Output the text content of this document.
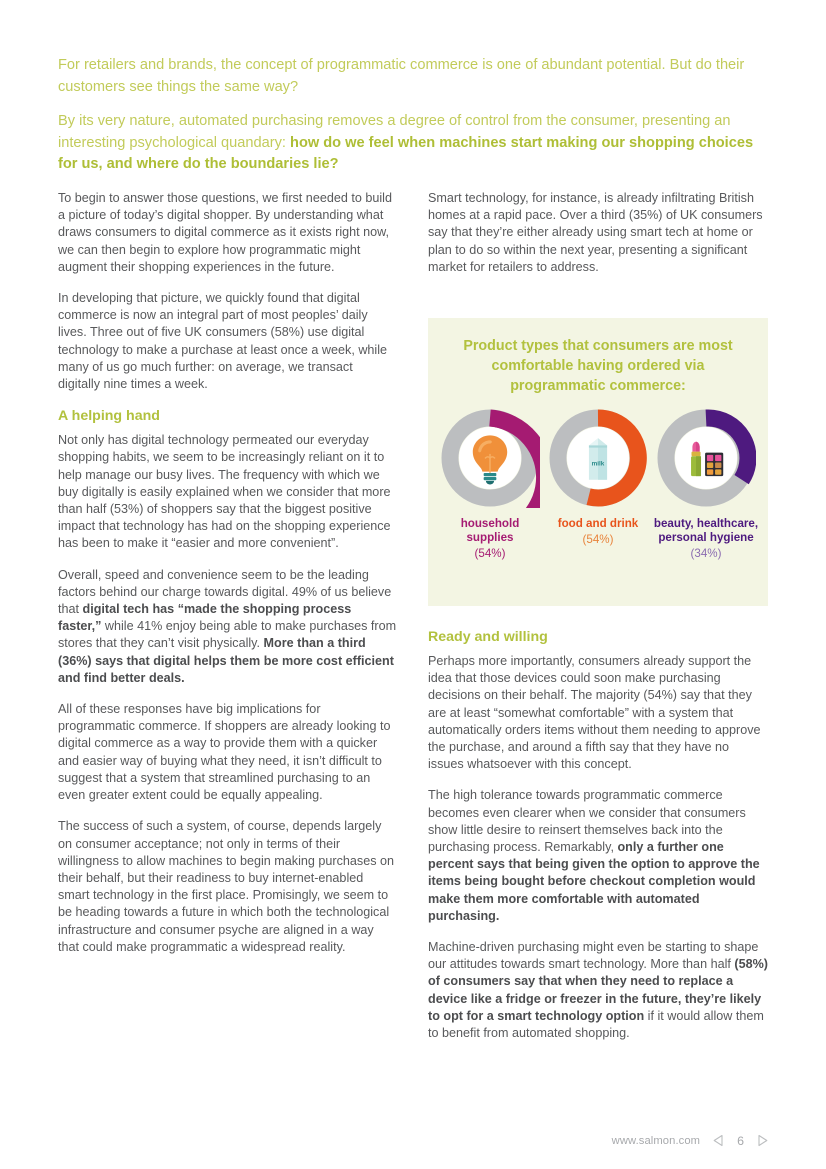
For retailers and brands, the concept of programmatic commerce is one of abundant potential. But do their customers see things the same way?

By its very nature, automated purchasing removes a degree of control from the consumer, presenting an interesting psychological quandary: how do we feel when machines start making our shopping choices for us, and where do the boundaries lie?

To begin to answer those questions, we first needed to build a picture of today’s digital shopper. By understanding what draws consumers to digital commerce as it exists right now, we can then begin to explore how programmatic might augment their shopping experiences in the future.

In developing that picture, we quickly found that digital commerce is now an integral part of most peoples’ daily lives. Three out of five UK consumers (58%) use digital technology to make a purchase at least once a week, while many of us go much further: on average, we transact digitally nine times a week.

A helping hand

Not only has digital technology permeated our everyday shopping habits, we seem to be increasingly reliant on it to help manage our busy lives. The frequency with which we buy digitally is easily explained when we consider that more than half (53%) of shoppers say that the biggest positive impact that technology has had on the shopping experience has been to make it “easier and more convenient”.

Overall, speed and convenience seem to be the leading factors behind our charge towards digital. 49% of us believe that digital tech has “made the shopping process faster,” while 41% enjoy being able to make purchases from stores that they can’t visit physically. More than a third (36%) says that digital helps them be more cost efficient and find better deals.

All of these responses have big implications for programmatic commerce. If shoppers are already looking to digital commerce as a way to provide them with a quicker and easier way of buying what they need, it isn’t difficult to suggest that a system that streamlined purchasing to an even greater extent could be equally appealing.

The success of such a system, of course, depends largely on consumer acceptance; not only in terms of their willingness to allow machines to begin making purchases on their behalf, but their readiness to buy internet-enabled smart technology in the first place. Promisingly, we seem to be heading towards a future in which both the technological infrastructure and consumer psyche are aligned in a way that could make programmatic a widespread reality.

Smart technology, for instance, is already infiltrating British homes at a rapid pace. Over a third (35%) of UK consumers say that they’re either already using smart tech at home or plan to do so within the next year, presenting a significant market for retailers to address.

Product types that consumers are most comfortable having ordered via programmatic commerce:
household supplies
(54%)
milk
food and drink
(54%)
beauty, healthcare, personal hygiene
(34%)
Ready and willing

Perhaps more importantly, consumers already support the idea that those devices could soon make purchasing decisions on their behalf. The majority (54%) say that they are at least “somewhat comfortable” with a system that automatically orders items without them needing to approve the purchase, and around a fifth say that they have no issues whatsoever with this concept.

The high tolerance towards programmatic commerce becomes even clearer when we consider that consumers show little desire to reinsert themselves back into the purchasing process. Remarkably, only a further one percent says that being given the option to approve the items being bought before checkout completion would make them more comfortable with automated purchasing.

Machine-driven purchasing might even be starting to shape our attitudes towards smart technology. More than half (58%) of consumers say that when they need to replace a device like a fridge or freezer in the future, they’re likely to opt for a smart technology option if it would allow them to benefit from automated shopping.

www.salmon.com	6
